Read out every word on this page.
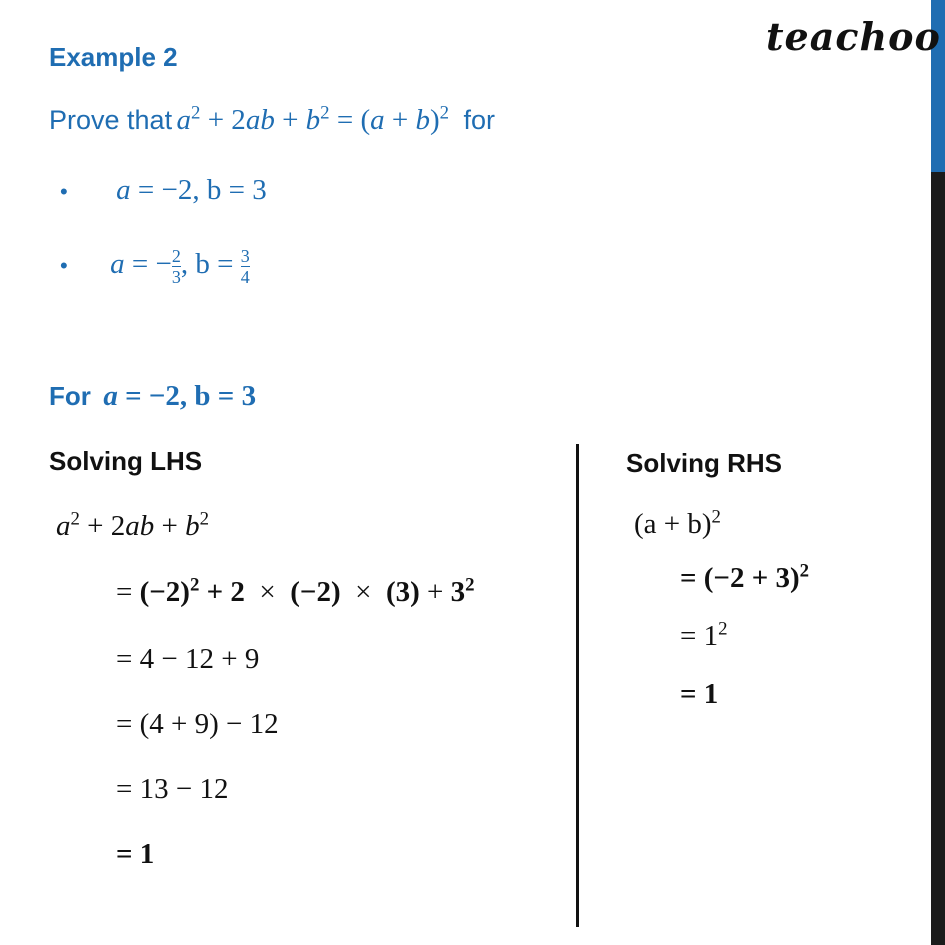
teachoo
Example 2
Prove that $a^2 + 2ab + b^2 = (a + b)^2$ for
• a = −2, b = 3
• a = − $\frac{2}{3}$ , $b = \frac{3}{4}$
For a = −2, b = 3
Solving LHS
$a^2 + 2ab + b^2$
= $(-2)^2 + 2 \times (-2) \times (3) + 3^2$
= 4 − 12 + 9
= (4 + 9) − 12
= 13 − 12
= 1
Solving RHS
$(a + b)^2$
= $(-2 + 3)^2$
= $1^2$
= 1
